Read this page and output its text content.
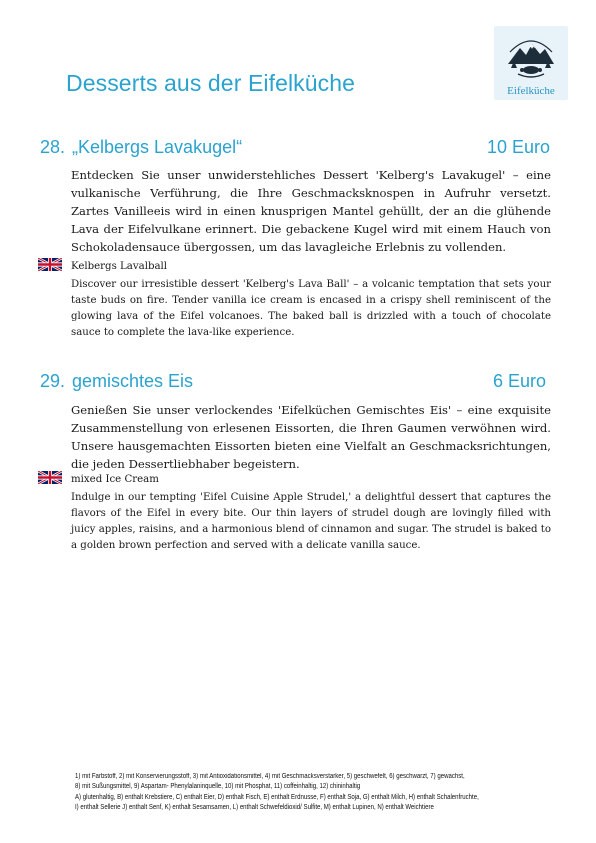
Desserts aus der Eifelküche	Eifelküche
28. „Kelbergs Lavakugel“	10 Euro

Entdecken Sie unser unwiderstehliches Dessert 'Kelberg's Lavakugel' – eine vulkanische Verführung, die Ihre Geschmacksknospen in Aufruhr versetzt. Zartes Vanilleeis wird in einen knusprigen Mantel gehüllt, der an die glühende Lava der Eifelvulkane erinnert. Die gebackene Kugel wird mit einem Hauch von Schokoladensauce übergossen, um das lavagleiche Erlebnis zu vollenden.

Kelbergs Lavalball

Discover our irresistible dessert 'Kelberg's Lava Ball' – a volcanic temptation that sets your taste buds on fire. Tender vanilla ice cream is encased in a crispy shell reminiscent of the glowing lava of the Eifel volcanoes. The baked ball is drizzled with a touch of chocolate sauce to complete the lava-like experience.

29. gemischtes Eis	6 Euro

Genießen Sie unser verlockendes 'Eifelküchen Gemischtes Eis' – eine exquisite Zusammenstellung von erlesenen Eissorten, die Ihren Gaumen verwöhnen wird. Unsere hausgemachten Eissorten bieten eine Vielfalt an Geschmacksrichtungen, die jeden Dessertliebhaber begeistern.

mixed Ice Cream

Indulge in our tempting 'Eifel Cuisine Apple Strudel,' a delightful dessert that captures the flavors of the Eifel in every bite. Our thin layers of strudel dough are lovingly filled with juicy apples, raisins, and a harmonious blend of cinnamon and sugar. The strudel is baked to a golden brown perfection and served with a delicate vanilla sauce.

1) mit Farbstoff, 2) mit Konservierungsstoff, 3) mit Antioxidationsmittel, 4) mit Geschmacksverstarker, 5) geschwefelt, 6) geschwarzt, 7) gewachst,
8) mit Sußungsmittel, 9) Aspartam- Phenylalaninquelle, 10) mit Phosphat, 11) coffeinhaltig, 12) chininhaltig
A) glutenhaltig, B) enthalt Krebstiere, C) enthalt Eier, D) enthalt Fisch, E) enthalt Erdnusse, F) enthalt Soja, G) enthalt Milch, H) enthalt Schalenfruchte,
I) enthalt Sellerie J) enthalt Senf, K) enthalt Sesamsamen, L) enthalt Schwefeldioxid/ Sulfite, M) enthalt Lupinen, N) enthalt Weichtiere
